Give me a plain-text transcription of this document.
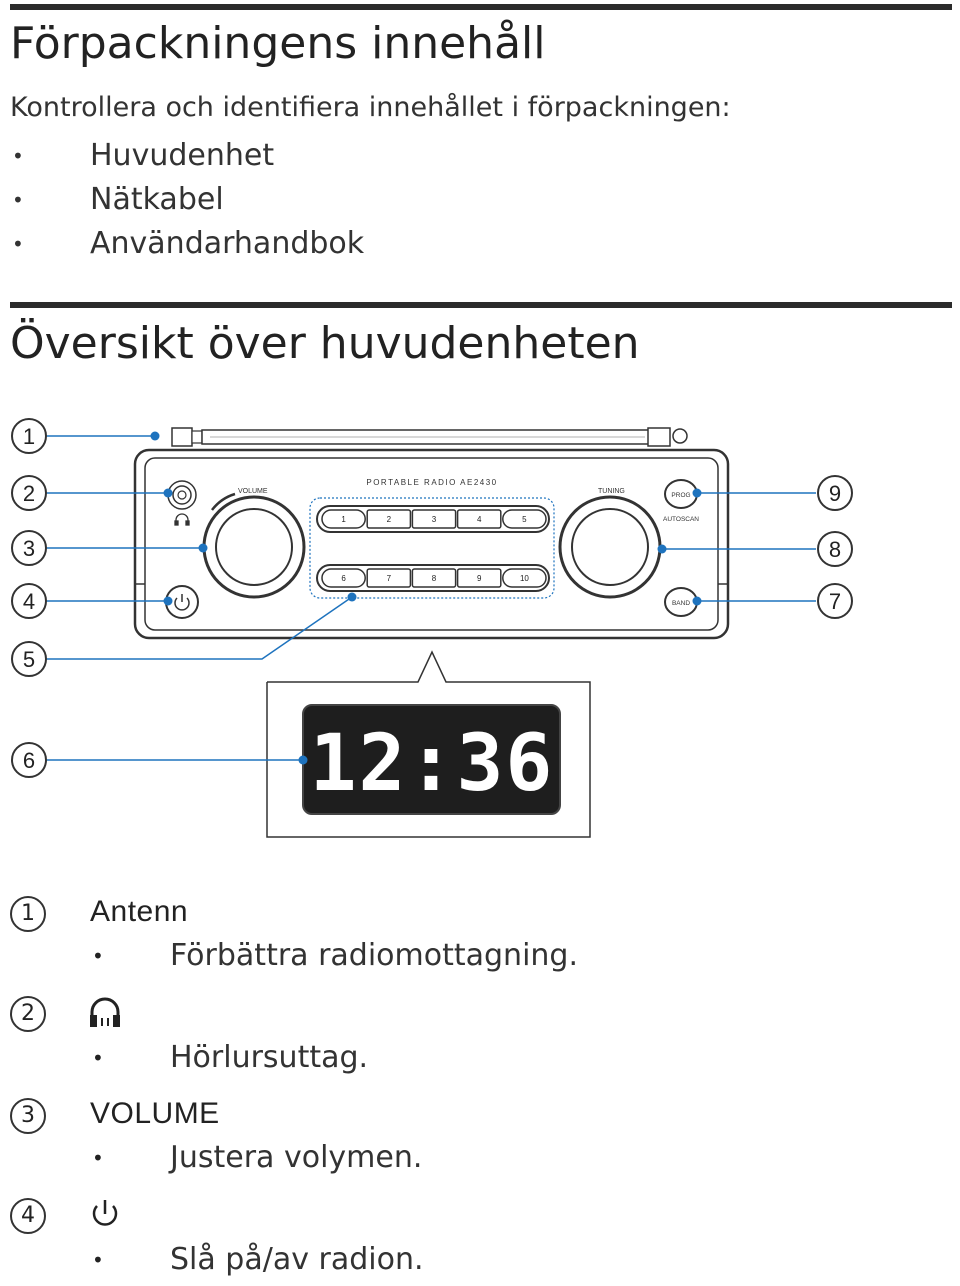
Förpackningens innehåll

Kontrollera och identifiera innehållet i förpackningen:

• Huvudenhet
• Nätkabel
• Användarhandbok
Översikt över huvudenheten
PORTABLE RADIO AE2430
VOLUME
1	2	3	4	5
6	7	8	9	10
TUNING
PROG
AUTOSCAN
BAND
12:36
1
2
3
4
5
6
9
8
7
1	Antenn
• Förbättra radiomottagning.
2
• Hörlursuttag.
3	VOLUME
• Justera volymen.
4
• Slå på/av radion.
